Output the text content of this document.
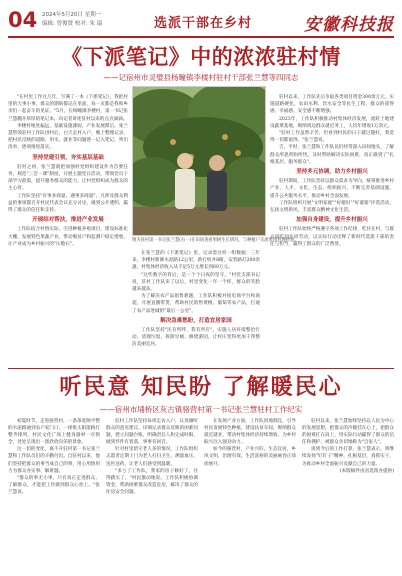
04 2024年5月20日 星期一
编辑: 曾俊贤 校对: 朱 瑞	选派干部在乡村	安徽科技报
《下派笔记》中的浓浓驻村情
——记宿州市灵璧县杨疃镇李楼村驻村干部张兰慧等四同志

"在村里工作这几年，写满了一本《下派笔记》，我把村里的大事小事、群众的期盼都记在里面，每一页都是我和乡亲们一起奋斗的见证。"5月，在杨疃镇李楼村，第一书记张兰慧翻开厚厚的笔记本，向记者讲述驻村以来的点点滴滴。

李楼村地处偏远，基础设施薄弱，产业发展滞后。张兰慧带领驻村工作队进村后，白天走村入户，晚上整理记录，把村民反映的道路、用水、就业等问题逐一记入笔记，列出清单，逐项推进落实。

坚持党建引领，夯实基层基础

驻村之初，张兰慧就把加强村党组织建设作为首要任务，规范"三会一课"制度，开展主题党日活动，带领党员干部学习政策，提升服务群众的能力，让村党组织成为群众的主心骨。

工作队坚持"有事多商量、遇事多商量"，凡涉及群众利益的事项都召开村民代表会议充分讨论，做到公开透明，赢得了群众的信任和支持。

开展结对帮扶，推进产业发展

工作队结合村情实际，引进种植养殖项目，建设标准化大棚，发展特色果蔬产业，带动脱贫户和监测户稳定增收，让产业成为乡村振兴的"压舱石"。

图为驻村第一书记张兰慧(右一)在田间查看果树生长情况，与种植户交流果园管理经验。

在张兰慧的《下派笔记》里，记录着这样一组数据：三年来，李楼村新修水泥路12公里，新打机井8眼，安装路灯200余盏，村集体经济收入从不足5万元增长到60万元。

"这些数字的背后，是一个个日夜的坚守。"村党支部书记说，驻村工作队来了以后，村里变化一年一个样，群众的笑脸越来越多。

为了解决农产品销售难题，工作队积极对接电商平台和商超，开展直播带货，帮助村民销售黄桃、葡萄等农产品，打通了农产品进城的"最后一公里"。

解决急难愁盼，打造宜居家园

工作队坚持"民有所呼、我有所应"，实施人居环境整治行动，清理垃圾、拆除旱厕、修建游园，让村庄变得更加干净整洁美丽宜居。

驻村以来，工作队先后争取各类项目资金300余万元，实施道路硬化、农田水利、饮水安全等民生工程，群众的获得感、幸福感、安全感不断增强。

2023年，工作队积极推动村集体经济发展，流转土地建设蔬菜基地，吸纳周边群众就近务工，人均年增收1万余元。

"驻村工作虽然辛苦，但看到村民的日子越过越好，我觉得一切都值得。"张兰慧说。

吉，平时，张兰慧和工作队员们经常深入田间地头，了解群众所思所盼所忧，及时帮助解决实际困难，真正做到了"扎根基层、服务群众"。

坚持多元协调，助力乡村振兴

驻村期间，工作队坚持以群众需求为导向，统筹推进乡村产业、人才、文化、生态、组织振兴，不断完善基础设施，提升公共服务水平，推动乡村全面发展。

工作队组织开展"文明家庭""好媳妇""好婆婆"评选活动，弘扬文明新风，丰富群众精神文化生活。

加强自身建设，提升乡村振兴

驻村工作队始终严格遵守各项工作纪律，吃住在村，与群众同吃同住同劳动，以实际行动诠释了新时代选派干部的责任与担当，赢得了群众的广泛赞誉。

听民意 知民盼 了解暖民心
——宿州市埇桥区灰古镇骆营村第一书记张兰慧驻村工作纪实

初夏时节，走进骆营村，一条条宽阔平整的水泥路通到农户家门口，一排排太阳能路灯整齐排列，村民文化广场上健身器材一应俱全，处处呈现出一派欣欣向荣的景象。

这一切的变化，离不开驻村第一书记张兰慧和工作队员们的辛勤付出。自驻村以来，他们坚持把群众的事当成自己的事，用心用情用力为群众办实事、解难题。

"群众的事无小事，只有真正走进群众、了解群众，才能把工作做到群众心坎上。"张兰慧说。

驻村工作队坚持每周走访入户，认真倾听群众的意见建议，详细记录群众反映的困难问题，建立问题台账，明确责任人和完成时限，做到件件有着落、事事有回音。

针对村里留守老人多的情况，工作队组织志愿者定期上门为老人打扫卫生、测量血压、送医送药，让老人们感受到温暖。

"多亏了工作队，我家的房子修好了，住得踏实了。"村民激动地说。工作队积极协调资金，帮助困难群众改造危房，解决了群众的住房安全问题。

在发展产业方面，工作队因地制宜，引导村民发展特色种植，建设扶贫车间，吸纳群众就近就业，带动村集体经济持续增收，为乡村振兴注入强劲动力。

如今的骆营村，产业兴旺、生态宜居、乡风文明、治理有效、生活富裕的美丽画卷正徐徐展开。

驻村以来，张兰慧始终坚持以人民为中心的发展思想，把群众的冷暖挂在心上，把群众的困难扛在肩上，用实际行动赢得了群众的信任和拥护，被群众亲切地称为"自家人"。

谈到今后的工作打算，张兰慧表示，将继续发扬"钉钉子"精神，扎根基层，真抓实干，为推动乡村全面振兴贡献自己的力量。

(本版稿件由省选派办提供)
